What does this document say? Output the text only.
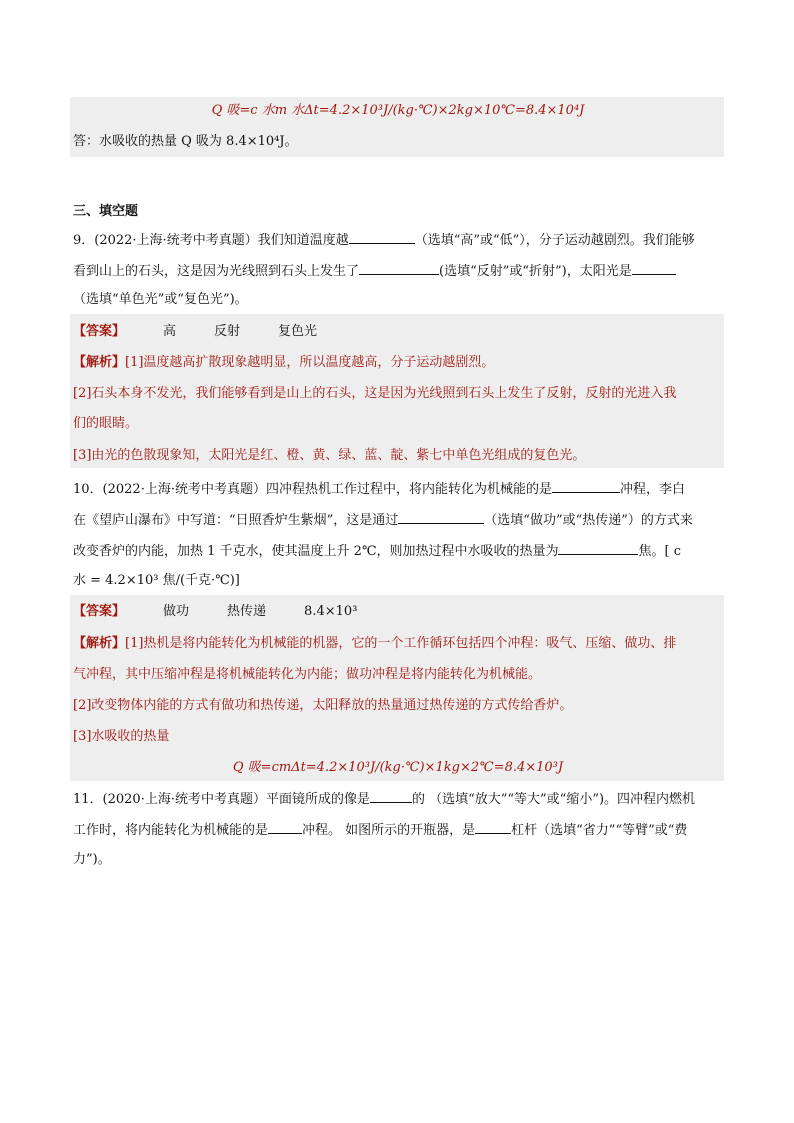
Q 吸=c 水m 水Δt=4.2×10³J/(kg·℃)×2kg×10℃=8.4×10⁴J
答：水吸收的热量 Q 吸为 8.4×10⁴J。
三、填空题
9．(2022·上海·统考中考真题）我们知道温度越	（选填“高”或“低”），分子运动越剧烈。我们能够
看到山上的石头，这是因为光线照到石头上发生了	(选填“反射”或“折射”)，太阳光是
（选填“单色光”或“复色光”)。
【答案】	高	反射	复色光
【解析】[1]温度越高扩散现象越明显，所以温度越高，分子运动越剧烈。
[2]石头本身不发光，我们能够看到是山上的石头，这是因为光线照到石头上发生了反射，反射的光进入我
们的眼睛。
[3]由光的色散现象知，太阳光是红、橙、黄、绿、蓝、靛、紫七中单色光组成的复色光。
10．(2022·上海·统考中考真题）四冲程热机工作过程中，将内能转化为机械能的是	冲程，李白
在《望庐山瀑布》中写道：“日照香炉生紫烟”，这是通过	（选填“做功”或“热传递”）的方式来
改变香炉的内能，加热 1 千克水，使其温度上升 2℃，则加热过程中水吸收的热量为	焦。[ c
水 = 4.2×10³ 焦/(千克·℃)]
【答案】	做功	热传递	8.4×10³
【解析】[1]热机是将内能转化为机械能的机器，它的一个工作循环包括四个冲程：吸气、压缩、做功、排
气冲程，其中压缩冲程是将机械能转化为内能；做功冲程是将内能转化为机械能。
[2]改变物体内能的方式有做功和热传递，太阳释放的热量通过热传递的方式传给香炉。
[3]水吸收的热量
Q 吸=cmΔt=4.2×10³J/(kg·℃)×1kg×2℃=8.4×10³J
11．(2020·上海·统考中考真题）平面镜所成的像是	的 （选填“放大”“等大”或“缩小”)。四冲程内燃机
工作时，将内能转化为机械能的是	冲程。 如图所示的开瓶器，是	杠杆（选填“省力”“等臂”或“费
力”)。
